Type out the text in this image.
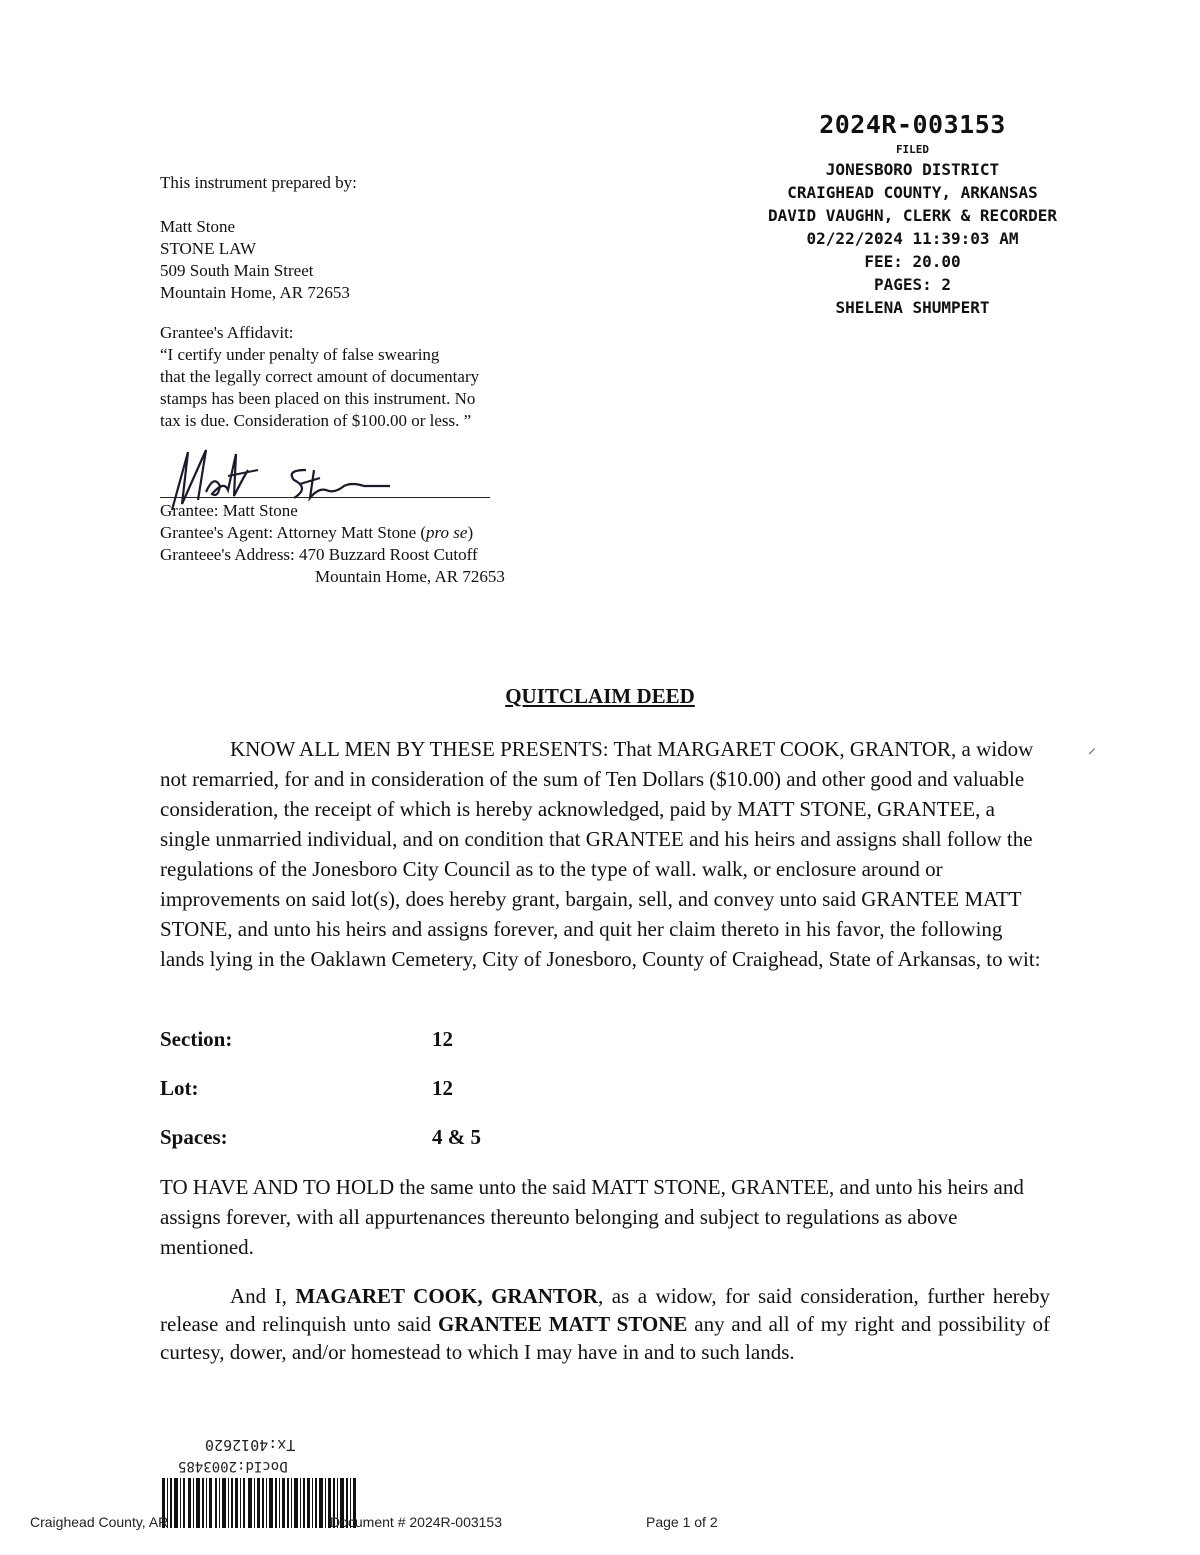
2024R-003153
FILED
JONESBORO DISTRICT
CRAIGHEAD COUNTY, ARKANSAS
DAVID VAUGHN, CLERK & RECORDER
02/22/2024 11:39:03 AM
FEE: 20.00
PAGES: 2
SHELENA SHUMPERT

This instrument prepared by:

Matt Stone

STONE LAW

509 South Main Street

Mountain Home, AR 72653

Grantee's Affidavit:

“I certify under penalty of false swearing

that the legally correct amount of documentary

stamps has been placed on this instrument. No

tax is due. Consideration of $100.00 or less. ”

Grantee: Matt Stone

Grantee's Agent: Attorney Matt Stone (pro se)

Granteee's Address: 470 Buzzard Roost Cutoff

Mountain Home, AR 72653

QUITCLAIM DEED
⸝

KNOW ALL MEN BY THESE PRESENTS: That MARGARET COOK, GRANTOR, a widow not remarried, for and in consideration of the sum of Ten Dollars ($10.00) and other good and valuable consideration, the receipt of which is hereby acknowledged, paid by MATT STONE, GRANTEE, a single unmarried individual, and on condition that GRANTEE and his heirs and assigns shall follow the regulations of the Jonesboro City Council as to the type of wall. walk, or enclosure around or improvements on said lot(s), does hereby grant, bargain, sell, and convey unto said GRANTEE MATT STONE, and unto his heirs and assigns forever, and quit her claim thereto in his favor, the following lands lying in the Oaklawn Cemetery, City of Jonesboro, County of Craighead, State of Arkansas, to wit:

Section:	12
Lot:	12
Spaces:	4 & 5

TO HAVE AND TO HOLD the same unto the said MATT STONE, GRANTEE, and unto his heirs and assigns forever, with all appurtenances thereunto belonging and subject to regulations as above mentioned.

And I, MAGARET COOK, GRANTOR, as a widow, for said consideration, further hereby release and relinquish unto said GRANTEE MATT STONE any and all of my right and possibility of curtesy, dower, and/or homestead to which I may have in and to such lands.

Tx:4012620
DocId:2003485
Craighead County, AR	Document # 2024R-003153	Page 1 of 2
